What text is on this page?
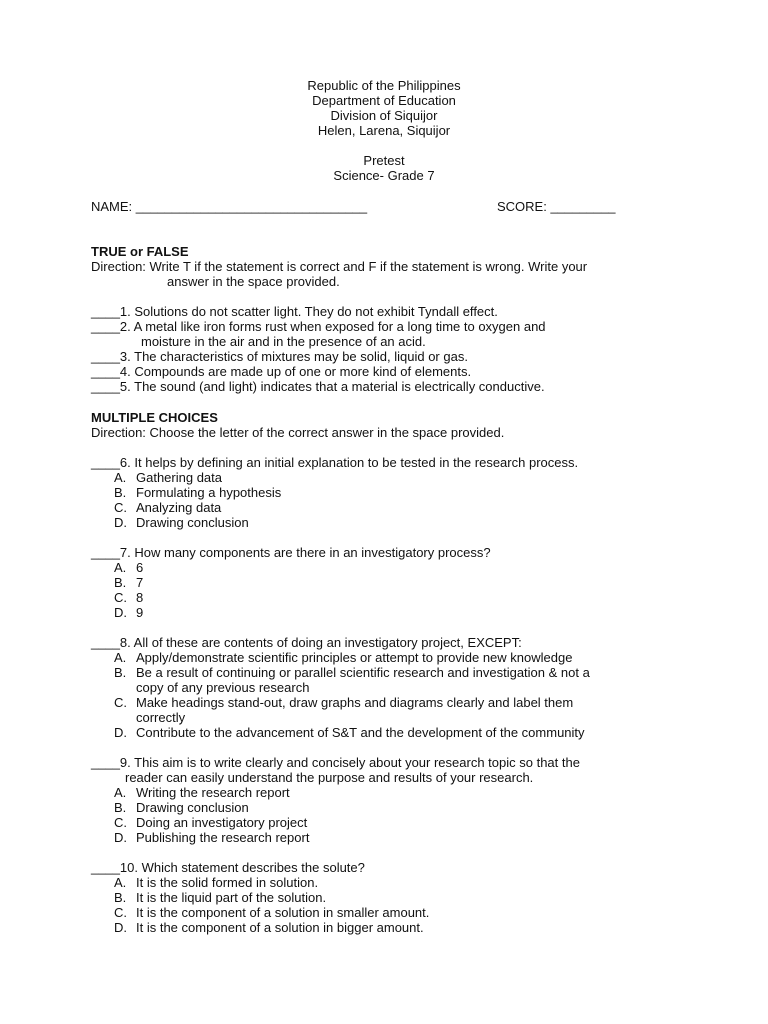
Republic of the Philippines
Department of Education
Division of Siquijor
Helen, Larena, Siquijor
Pretest
Science- Grade 7
NAME: ________________________________	SCORE: _________
TRUE or FALSE
Direction: Write T if the statement is correct and F if the statement is wrong. Write your
answer in the space provided.
____1. Solutions do not scatter light. They do not exhibit Tyndall effect.
____2. A metal like iron forms rust when exposed for a long time to oxygen and
moisture in the air and in the presence of an acid.
____3. The characteristics of mixtures may be solid, liquid or gas.
____4. Compounds are made up of one or more kind of elements.
____5. The sound (and light) indicates that a material is electrically conductive.
MULTIPLE CHOICES
Direction: Choose the letter of the correct answer in the space provided.
____6. It helps by defining an initial explanation to be tested in the research process.
A. Gathering data
B. Formulating a hypothesis
C. Analyzing data
D. Drawing conclusion
____7. How many components are there in an investigatory process?
A. 6
B. 7
C. 8
D. 9
____8. All of these are contents of doing an investigatory project, EXCEPT:
A. Apply/demonstrate scientific principles or attempt to provide new knowledge
B. Be a result of continuing or parallel scientific research and investigation & not a
copy of any previous research
C. Make headings stand-out, draw graphs and diagrams clearly and label them
correctly
D. Contribute to the advancement of S&T and the development of the community
____9. This aim is to write clearly and concisely about your research topic so that the
reader can easily understand the purpose and results of your research.
A. Writing the research report
B. Drawing conclusion
C. Doing an investigatory project
D. Publishing the research report
____10. Which statement describes the solute?
A. It is the solid formed in solution.
B. It is the liquid part of the solution.
C. It is the component of a solution in smaller amount.
D. It is the component of a solution in bigger amount.
